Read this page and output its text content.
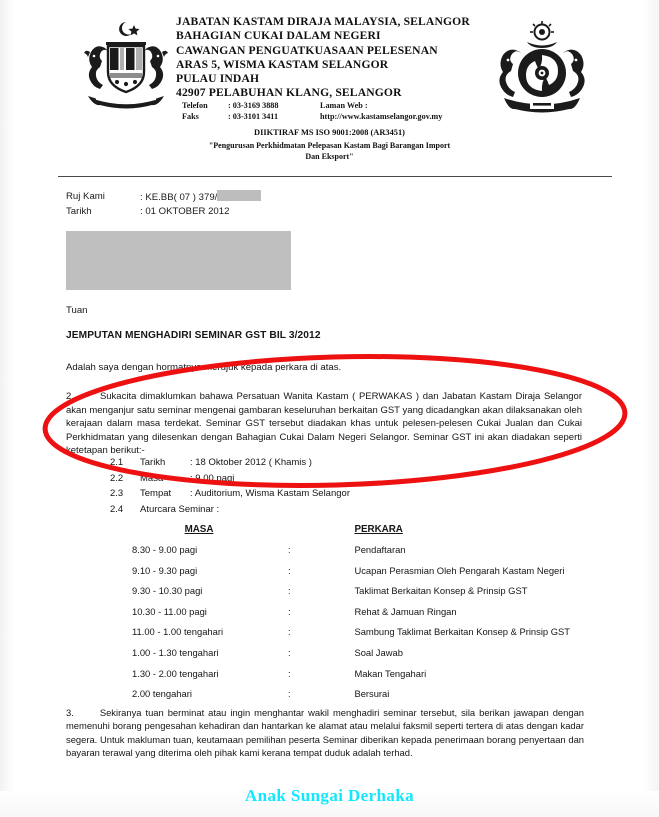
JABATAN KASTAM DIRAJA MALAYSIA, SELANGOR
BAHAGIAN CUKAI DALAM NEGERI
CAWANGAN PENGUATKUASAAN PELESENAN
ARAS 5, WISMA KASTAM SELANGOR
PULAU INDAH
42907 PELABUHAN KLANG, SELANGOR
Telefon	: 03-3169 3888	Laman Web :	
Faks	: 03-3101 3411	http://www.kastamselangor.gov.my	
DIIKTIRAF MS ISO 9001:2008 (AR3451)
"Pengurusan Perkhidmatan Pelepasan Kastam Bagi Barangan Import
Dan Eksport"
Ruj Kami	: KE.BB( 07 ) 379/
Tarikh	: 01 OKTOBER 2012
Tuan
JEMPUTAN MENGHADIRI SEMINAR GST BIL 3/2012
Adalah saya dengan hormatnya merujuk kepada perkara di atas.
2.	Sukacita dimaklumkan bahawa Persatuan Wanita Kastam ( PERWAKAS ) dan Jabatan Kastam Diraja Selangor akan menganjur satu seminar mengenai gambaran keseluruhan berkaitan GST yang dicadangkan akan dilaksanakan oleh kerajaan dalam masa terdekat. Seminar GST tersebut diadakan khas untuk pelesen-pelesen Cukai Jualan dan Cukai Perkhidmatan yang dilesenkan dengan Bahagian Cukai Dalam Negeri Selangor. Seminar GST ini akan diadakan seperti ketetapan berikut:-
2.1	Tarikh	: 18 Oktober 2012 ( Khamis )
2.2	Masa	: 9.00 pagi
2.3	Tempat	: Auditorium, Wisma Kastam Selangor
2.4	Aturcara Seminar :	
MASA		PERKARA
8.30 - 9.00 pagi	:	Pendaftaran
9.10 - 9.30 pagi	:	Ucapan Perasmian Oleh Pengarah Kastam Negeri
9.30 - 10.30 pagi	:	Taklimat Berkaitan Konsep & Prinsip GST
10.30 - 11.00 pagi	:	Rehat & Jamuan Ringan
11.00 - 1.00 tengahari	:	Sambung Taklimat Berkaitan Konsep & Prinsip GST
1.00 - 1.30 tengahari	:	Soal Jawab
1.30 - 2.00 tengahari	:	Makan Tengahari
2.00 tengahari	:	Bersurai
3.	Sekiranya tuan berminat atau ingin menghantar wakil menghadiri seminar tersebut, sila berikan jawapan dengan memenuhi borang pengesahan kehadiran dan hantarkan ke alamat atau melalui faksmil seperti tertera di atas dengan kadar segera. Untuk makluman tuan, keutamaan pemilihan peserta Seminar diberikan kepada penerimaan borang penyertaan dan bayaran terawal yang diterima oleh pihak kami kerana tempat duduk adalah terhad.
Anak Sungai Derhaka
